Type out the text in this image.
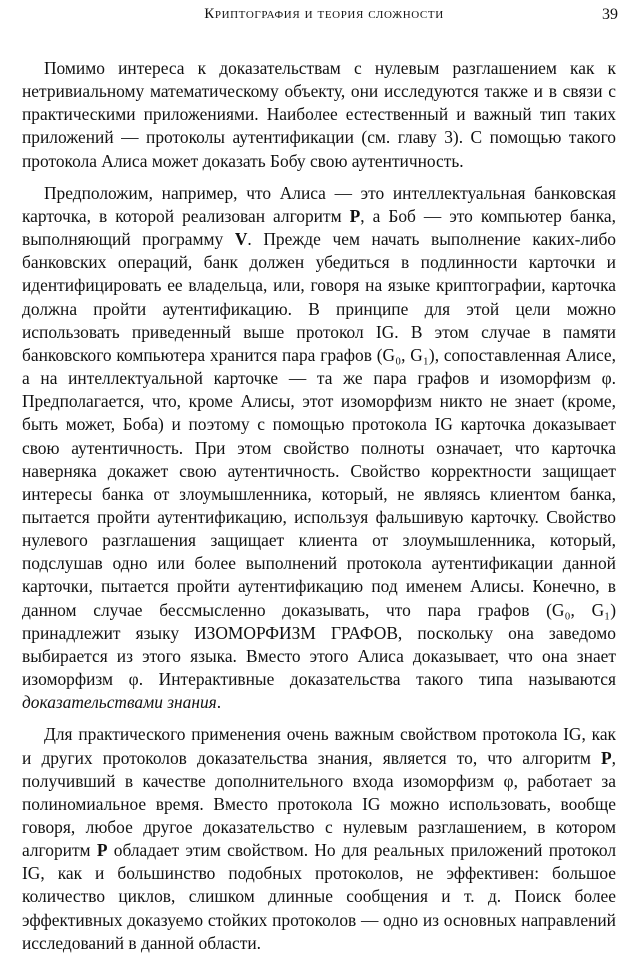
Криптография и теория сложности	39

Помимо интереса к доказательствам с нулевым разглашением как к нетривиальному математическому объекту, они исследуются также и в связи с практическими приложениями. Наиболее естественный и важный тип таких приложений — протоколы аутентификации (см. главу 3). С помощью такого протокола Алиса может доказать Бобу свою аутентичность.

Предположим, например, что Алиса — это интеллектуальная банковская карточка, в которой реализован алгоритм P, а Боб — это компьютер банка, выполняющий программу V. Прежде чем начать выполнение каких-либо банковских операций, банк должен убедиться в подлинности карточки и идентифицировать ее владельца, или, говоря на языке криптографии, карточка должна пройти аутентификацию. В принципе для этой цели можно использовать приведенный выше протокол IG. В этом случае в памяти банковского компьютера хранится пара графов (G₀, G₁), сопоставленная Алисе, а на интеллектуальной карточке — та же пара графов и изоморфизм φ. Предполагается, что, кроме Алисы, этот изоморфизм никто не знает (кроме, быть может, Боба) и поэтому с помощью протокола IG карточка доказывает свою аутентичность. При этом свойство полноты означает, что карточка наверняка докажет свою аутентичность. Свойство корректности защищает интересы банка от злоумышленника, который, не являясь клиентом банка, пытается пройти аутентификацию, используя фальшивую карточку. Свойство нулевого разглашения защищает клиента от злоумышленника, который, подслушав одно или более выполнений протокола аутентификации данной карточки, пытается пройти аутентификацию под именем Алисы. Конечно, в данном случае бессмысленно доказывать, что пара графов (G₀, G₁) принадлежит языку ИЗОМОРФИЗМ ГРАФОВ, поскольку она заведомо выбирается из этого языка. Вместо этого Алиса доказывает, что она знает изоморфизм φ. Интерактивные доказательства такого типа называются доказательствами знания.

Для практического применения очень важным свойством протокола IG, как и других протоколов доказательства знания, является то, что алгоритм P, получивший в качестве дополнительного входа изоморфизм φ, работает за полиномиальное время. Вместо протокола IG можно использовать, вообще говоря, любое другое доказательство с нулевым разглашением, в котором алгоритм P обладает этим свойством. Но для реальных приложений протокол IG, как и большинство подобных протоколов, не эффективен: большое количество циклов, слишком длинные сообщения и т. д. Поиск более эффективных доказуемо стойких протоколов — одно из основных направлений исследований в данной области.
